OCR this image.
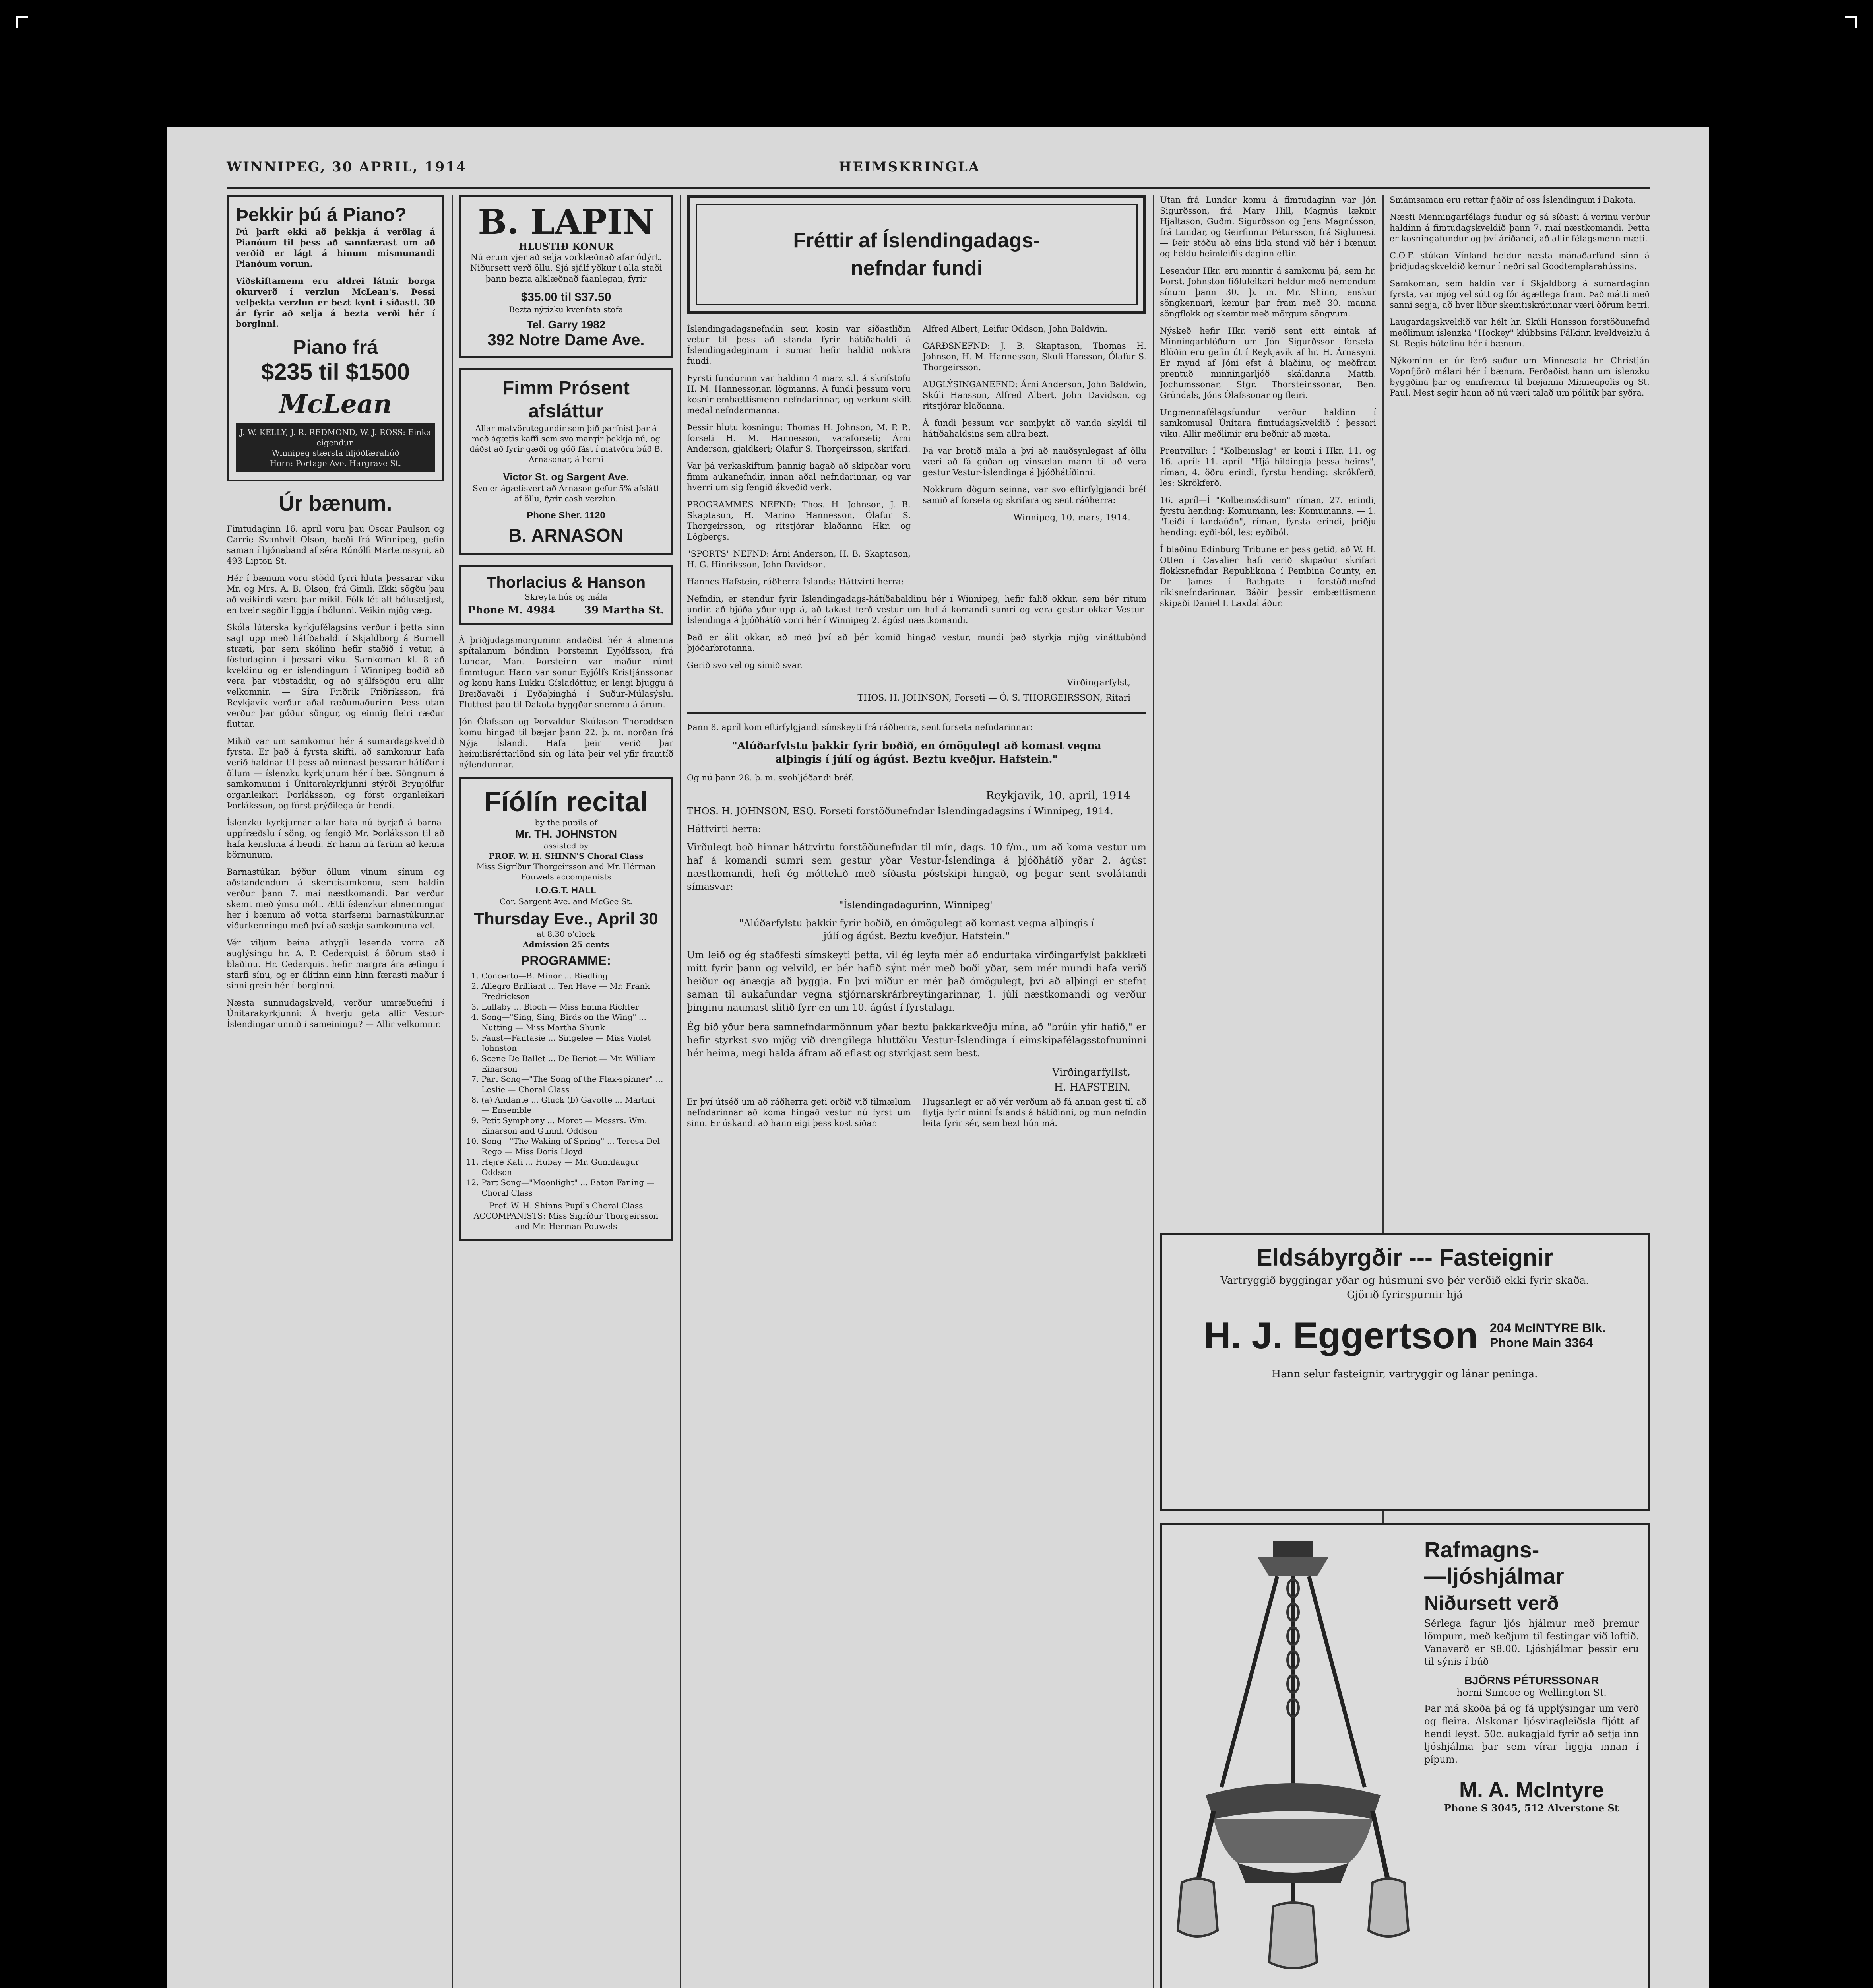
WINNIPEG, 30 APRIL, 1914	HEIMSKRINGLA
Þekkir þú á Piano?

Þú þarft ekki að þekkja á verðlag á Pianóum til þess að sannfærast um að verðið er lágt á hinum mismunandi Pianóum vorum.

Viðskiftamenn eru aldrei látnir borga okurverð í verzlun McLean's. Þessi velþekta verzlun er bezt kynt í síðastl. 30 ár fyrir að selja á bezta verði hér í borginni.

Piano frá
$235 til $1500
McLean
J. W. KELLY, J. R. REDMOND, W. J. ROSS: Einka eigendur.
Winnipeg stærsta hljóðfærahúð
Horn: Portage Ave. Hargrave St.
Úr bænum.

Fimtudaginn 16. apríl voru þau Oscar Paulson og Carrie Svanhvit Olson, bæði frá Winnipeg, gefin saman í hjónaband af séra Rúnólfi Marteinssyni, að 493 Lipton St.

Hér í bænum voru stödd fyrri hluta þessarar viku Mr. og Mrs. A. B. Olson, frá Gimli. Ekki sögðu þau að veikindi væru þar mikil. Fólk lét alt bólusetjast, en tveir sagðir liggja í bólunni. Veikin mjög væg.

Skóla lúterska kyrkjufélagsins verður í þetta sinn sagt upp með hátíðahaldi í Skjaldborg á Burnell stræti, þar sem skólinn hefir staðið í vetur, á föstudaginn í þessari viku. Samkoman kl. 8 að kveldinu og er íslendingum í Winnipeg boðið að vera þar viðstaddir, og að sjálfsögðu eru allir velkomnir. — Síra Friðrik Friðriksson, frá Reykjavík verður aðal ræðumaðurinn. Þess utan verður þar góður söngur, og einnig fleiri ræður fluttar.

Mikið var um samkomur hér á sumardagskveldið fyrsta. Er það á fyrsta skifti, að samkomur hafa verið haldnar til þess að minnast þessarar hátíðar í öllum — íslenzku kyrkjunum hér í bæ. Söngnum á samkomunni í Únitarakyrkjunni stýrði Brynjólfur organleikari Þorláksson, og fórst organleikari Þorláksson, og fórst prýðilega úr hendi.

Íslenzku kyrkjurnar allar hafa nú byrjað á barna-uppfræðslu í söng, og fengið Mr. Þorláksson til að hafa kensluna á hendi. Er hann nú farinn að kenna börnunum.

Barnastúkan býður öllum vinum sínum og aðstandendum á skemtisamkomu, sem haldin verður þann 7. maí næstkomandi. Þar verður skemt með ýmsu móti. Ætti íslenzkur almenningur hér í bænum að votta starfsemi barnastúkunnar viðurkenningu með því að sækja samkomuna vel.

Vér viljum beina athygli lesenda vorra að auglýsingu hr. A. P. Cederquist á öðrum stað í blaðinu. Hr. Cederquist hefir margra ára æfingu í starfi sínu, og er álitinn einn hinn færasti maður í sinni grein hér í borginni.

Næsta sunnudagskveld, verður umræðuefni í Únitarakyrkjunni: Á hverju geta allir Vestur-Íslendingar unnið í sameiningu? — Allir velkomnir.

B. LAPIN
HLUSTIÐ KONUR

Nú erum vjer að selja vorklæðnað afar ódýrt. Niðursett verð öllu. Sjá sjálf yðkur í alla staði þann bezta alklæðnað fáanlegan, fyrir

$35.00 til $37.50
Bezta nýtízku kvenfata stofa
Tel. Garry 1982
392 Notre Dame Ave.
Fimm Prósent afsláttur

Allar matvörutegundir sem þið parfnist þar á með ágætis kaffi sem svo margir þekkja nú, og dáðst að fyrir gæði og góð fást í matvöru búð B. Arnasonar, á horni

Victor St. og Sargent Ave.

Svo er ágætisvert að Arnason gefur 5% afslátt af öllu, fyrir cash verzlun.

Phone Sher. 1120
B. ARNASON
Thorlacius & Hanson
Skreyta hús og mála
Phone M. 4984	39 Martha St.

Á þriðjudagsmorguninn andaðist hér á almenna spítalanum bóndinn Þorsteinn Eyjólfsson, frá Lundar, Man. Þorsteinn var maður rúmt fimmtugur. Hann var sonur Eyjólfs Kristjánssonar og konu hans Lukku Gísladóttur, er lengi bjuggu á Breiðavaði í Eyðaþinghá í Suður-Múlasýslu. Fluttust þau til Dakota byggðar snemma á árum.

Jón Ólafsson og Þorvaldur Skúlason Thoroddsen komu hingað til bæjar þann 22. þ. m. norðan frá Nýja Íslandi. Hafa þeir verið þar heimilisréttarlönd sín og láta þeir vel yfir framtíð nýlendunnar.

Fíólín recital
by the pupils of
Mr. TH. JOHNSTON
assisted by
PROF. W. H. SHINN'S Choral Class
Miss Sigríður Thorgeirsson and Mr. Hérman Fouwels accompanists
I.O.G.T. HALL
Cor. Sargent Ave. and McGee St.
Thursday Eve., April 30
at 8.30 o'clock
Admission 25 cents
PROGRAMME:
1. Concerto—B. Minor ... Riedling
2. Allegro Brilliant ... Ten Have — Mr. Frank Fredrickson
3. Lullaby ... Bloch — Miss Emma Richter
4. Song—"Sing, Sing, Birds on the Wing" ... Nutting — Miss Martha Shunk
5. Faust—Fantasie ... Singelee — Miss Violet Johnston
6. Scene De Ballet ... De Beriot — Mr. William Einarson
7. Part Song—"The Song of the Flax-spinner" ... Leslie — Choral Class
8. (a) Andante ... Gluck (b) Gavotte ... Martini — Ensemble
9. Petit Symphony ... Moret — Messrs. Wm. Einarson and Gunnl. Oddson
10. Song—"The Waking of Spring" ... Teresa Del Rego — Miss Doris Lloyd
11. Hejre Kati ... Hubay — Mr. Gunnlaugur Oddson
12. Part Song—"Moonlight" ... Eaton Faning — Choral Class
Prof. W. H. Shinns Pupils Choral Class ACCOMPANISTS: Miss Sigríður Thorgeirsson and Mr. Herman Pouwels
Fréttir af Íslendingadags-nefndar fundi

Íslendingadagsnefndin sem kosin var síðastliðin vetur til þess að standa fyrir hátíðahaldi á Íslendingadeginum í sumar hefir haldið nokkra fundi.

Fyrsti fundurinn var haldinn 4 marz s.l. á skrifstofu H. M. Hannessonar, lögmanns. Á fundi þessum voru kosnir embættismenn nefndarinnar, og verkum skift meðal nefndarmanna.

Þessir hlutu kosningu: Thomas H. Johnson, M. P. P., forseti H. M. Hannesson, varaforseti; Árni Anderson, gjaldkeri; Ólafur S. Thorgeirsson, skrifari.

Var þá verkaskiftum þannig hagað að skipaðar voru fimm aukanefndir, innan aðal nefndarinnar, og var hverri um sig fengið ákveðið verk.

PROGRAMMES NEFND: Thos. H. Johnson, J. B. Skaptason, H. Marino Hannesson, Ólafur S. Thorgeirsson, og ritstjórar blaðanna Hkr. og Lögbergs.

"SPORTS" NEFND: Árni Anderson, H. B. Skaptason, H. G. Hinriksson, John Davidson.

Alfred Albert, Leifur Oddson, John Baldwin.

GARÐSNEFND: J. B. Skaptason, Thomas H. Johnson, H. M. Hannesson, Skuli Hansson, Ólafur S. Thorgeirsson.

AUGLÝSINGANEFND: Árni Anderson, John Baldwin, Skúli Hansson, Alfred Albert, John Davidson, og ritstjórar blaðanna.

Á fundi þessum var samþykt að vanda skyldi til hátíðahaldsins sem allra bezt.

Þá var brotið mála á því að nauðsynlegast af öllu væri að fá góðan og vinsælan mann til að vera gestur Vestur-Íslendinga á þjóðhátíðinni.

Nokkrum dögum seinna, var svo eftirfylgjandi bréf samið af forseta og skrifara og sent ráðherra:

Winnipeg, 10. mars, 1914.

Hannes Hafstein, ráðherra Íslands: Háttvirti herra:

Nefndin, er stendur fyrir Íslendingadags-hátíðahaldinu hér í Winnipeg, hefir falið okkur, sem hér ritum undir, að bjóða yður upp á, að takast ferð vestur um haf á komandi sumri og vera gestur okkar Vestur-Íslendinga á þjóðhátíð vorri hér í Winnipeg 2. ágúst næstkomandi.

Það er álit okkar, að með því að þér komið hingað vestur, mundi það styrkja mjög vináttubönd þjóðarbrotanna.

Gerið svo vel og símið svar.

Virðingarfylst,
THOS. H. JOHNSON, Forseti — Ó. S. THORGEIRSSON, Ritari

Þann 8. apríl kom eftirfylgjandi símskeyti frá ráðherra, sent forseta nefndarinnar:

"Alúðarfylstu þakkir fyrir boðið, en ómögulegt að komast vegna alþingis í júlí og ágúst. Beztu kveðjur. Hafstein."

Og nú þann 28. þ. m. svohljóðandi bréf.

Reykjavik, 10. april, 1914

THOS. H. JOHNSON, ESQ. Forseti forstöðunefndar Íslendingadagsins í Winnipeg, 1914.

Háttvirti herra:

Virðulegt boð hinnar háttvirtu forstöðunefndar til mín, dags. 10 f/m., um að koma vestur um haf á komandi sumri sem gestur yðar Vestur-Íslendinga á þjóðhátíð yðar 2. ágúst næstkomandi, hefi ég móttekið með síðasta póstskipi hingað, og þegar sent svolátandi símasvar:

"Íslendingadagurinn, Winnipeg"

"Alúðarfylstu þakkir fyrir boðið, en ómögulegt að komast vegna alþingis í júlí og ágúst. Beztu kveðjur. Hafstein."

Um leið og ég staðfesti símskeyti þetta, vil ég leyfa mér að endurtaka virðingarfylst þakklæti mitt fyrir þann og velvild, er þér hafið sýnt mér með boði yðar, sem mér mundi hafa verið heiður og ánægja að þyggja. En því miður er mér það ómögulegt, því að alþingi er stefnt saman til aukafundar vegna stjórnarskrárbreytingarinnar, 1. júlí næstkomandi og verður þinginu naumast slitið fyrr en um 10. ágúst í fyrstalagi.

Ég bið yður bera samnefndarmönnum yðar beztu þakkarkveðju mína, að "brúin yfir hafið," er hefir styrkst svo mjög við drengilega hluttöku Vestur-Íslendinga í eimskipafélagsstofnuninni hér heima, megi halda áfram að eflast og styrkjast sem best.

Virðingarfyllst,
H. HAFSTEIN.

Er því útséð um að ráðherra geti orðið við tilmælum nefndarinnar að koma hingað vestur nú fyrst um sinn. Er óskandi að hann eigi þess kost síðar.

Hugsanlegt er að vér verðum að fá annan gest til að flytja fyrir minni Íslands á hátíðinni, og mun nefndin leita fyrir sér, sem bezt hún má.

Utan frá Lundar komu á fimtudaginn var Jón Sigurðsson, frá Mary Hill, Magnús læknir Hjaltason, Guðm. Sigurðsson og Jens Magnússon, frá Lundar, og Geirfinnur Pétursson, frá Siglunesi. — Þeir stóðu að eins litla stund við hér í bænum og héldu heimleiðis daginn eftir.

Lesendur Hkr. eru minntir á samkomu þá, sem hr. Þorst. Johnston fiðluleikari heldur með nemendum sínum þann 30. þ. m. Mr. Shinn, enskur söngkennari, kemur þar fram með 30. manna söngflokk og skemtir með mörgum söngvum.

Nýskeð hefir Hkr. verið sent eitt eintak af Minningarblöðum um Jón Sigurðsson forseta. Blöðin eru gefin út í Reykjavík af hr. H. Árnasyni. Er mynd af Jóni efst á blaðinu, og meðfram prentuð minningarljóð skáldanna Matth. Jochumssonar, Stgr. Thorsteinssonar, Ben. Gröndals, Jóns Ólafssonar og fleiri.

Ungmennafélagsfundur verður haldinn í samkomusal Únitara fimtudagskveldið í þessari viku. Allir meðlimir eru beðnir að mæta.

Prentvillur: Í "Kolbeinslag" er komi í Hkr. 11. og 16. apríl: 11. apríl—"Hjá hildingja þessa heims", ríman, 4. öðru erindi, fyrstu hending: skrökferð, les: Skrökferð.

16. apríl—Í "Kolbeinsódisum" ríman, 27. erindi, fyrstu hending: Komumann, les: Komumanns. — 1. "Leiði í landaúðn", ríman, fyrsta erindi, þriðju hending: eyði-ból, les: eyðiból.

Í blaðinu Edinburg Tribune er þess getið, að W. H. Otten í Cavalier hafi verið skipaður skrifari flokksnefndar Republikana í Pembina County, en Dr. James í Bathgate í forstöðunefnd ríkisnefndarinnar. Báðir þessir embættismenn skipaði Daniel I. Laxdal áður.

Smámsaman eru rettar fjáðir af oss Íslendingum í Dakota.

Næsti Menningarfélags fundur og sá síðasti á vorinu verður haldinn á fimtudagskveldið þann 7. maí næstkomandi. Þetta er kosningafundur og því áríðandi, að allir félagsmenn mæti.

C.O.F. stúkan Vínland heldur næsta mánaðarfund sinn á þriðjudagskveldið kemur í neðri sal Goodtemplarahússins.

Samkoman, sem haldin var í Skjaldborg á sumardaginn fyrsta, var mjög vel sótt og fór ágætlega fram. Það mátti með sanni segja, að hver liður skemtiskrárinnar væri öðrum betri.

Laugardagskveldið var hélt hr. Skúli Hansson forstöðunefnd meðlimum íslenzka "Hockey" klúbbsins Fálkinn kveldveizlu á St. Regis hótelinu hér í bænum.

Nýkominn er úr ferð suður um Minnesota hr. Christján Vopnfjörð málari hér í bænum. Ferðaðist hann um íslenzku byggðina þar og ennfremur til bæjanna Minneapolis og St. Paul. Mest segir hann að nú væri talað um pólitík þar syðra.

Eldsábyrgðir --- Fasteignir

Vartryggið byggingar yðar og húsmuni svo þér verðið ekki fyrir skaða. Gjörið fyrirspurnir hjá

H. J. Eggertson 204 McINTYRE Blk.
Phone Main 3364

Hann selur fasteignir, vartryggir og lánar peninga.

Rafmagns-
—ljóshjálmar
Niðursett verð

Sérlega fagur ljós hjálmur með þremur lömpum, með keðjum til festingar við loftið. Vanaverð er $8.00. Ljóshjálmar þessir eru til sýnis í búð

BJÖRNS PÉTURSSONAR
horni Simcoe og Wellington St.

Þar má skoða þá og fá upplýsingar um verð og fleira. Alskonar ljósviragleiðsla fljótt af hendi leyst. 50c. aukagjald fyrir að setja inn ljóshjálma þar sem vírar liggja innan í pípum.

M. A. McIntyre
Phone S 3045, 512 Alverstone St
